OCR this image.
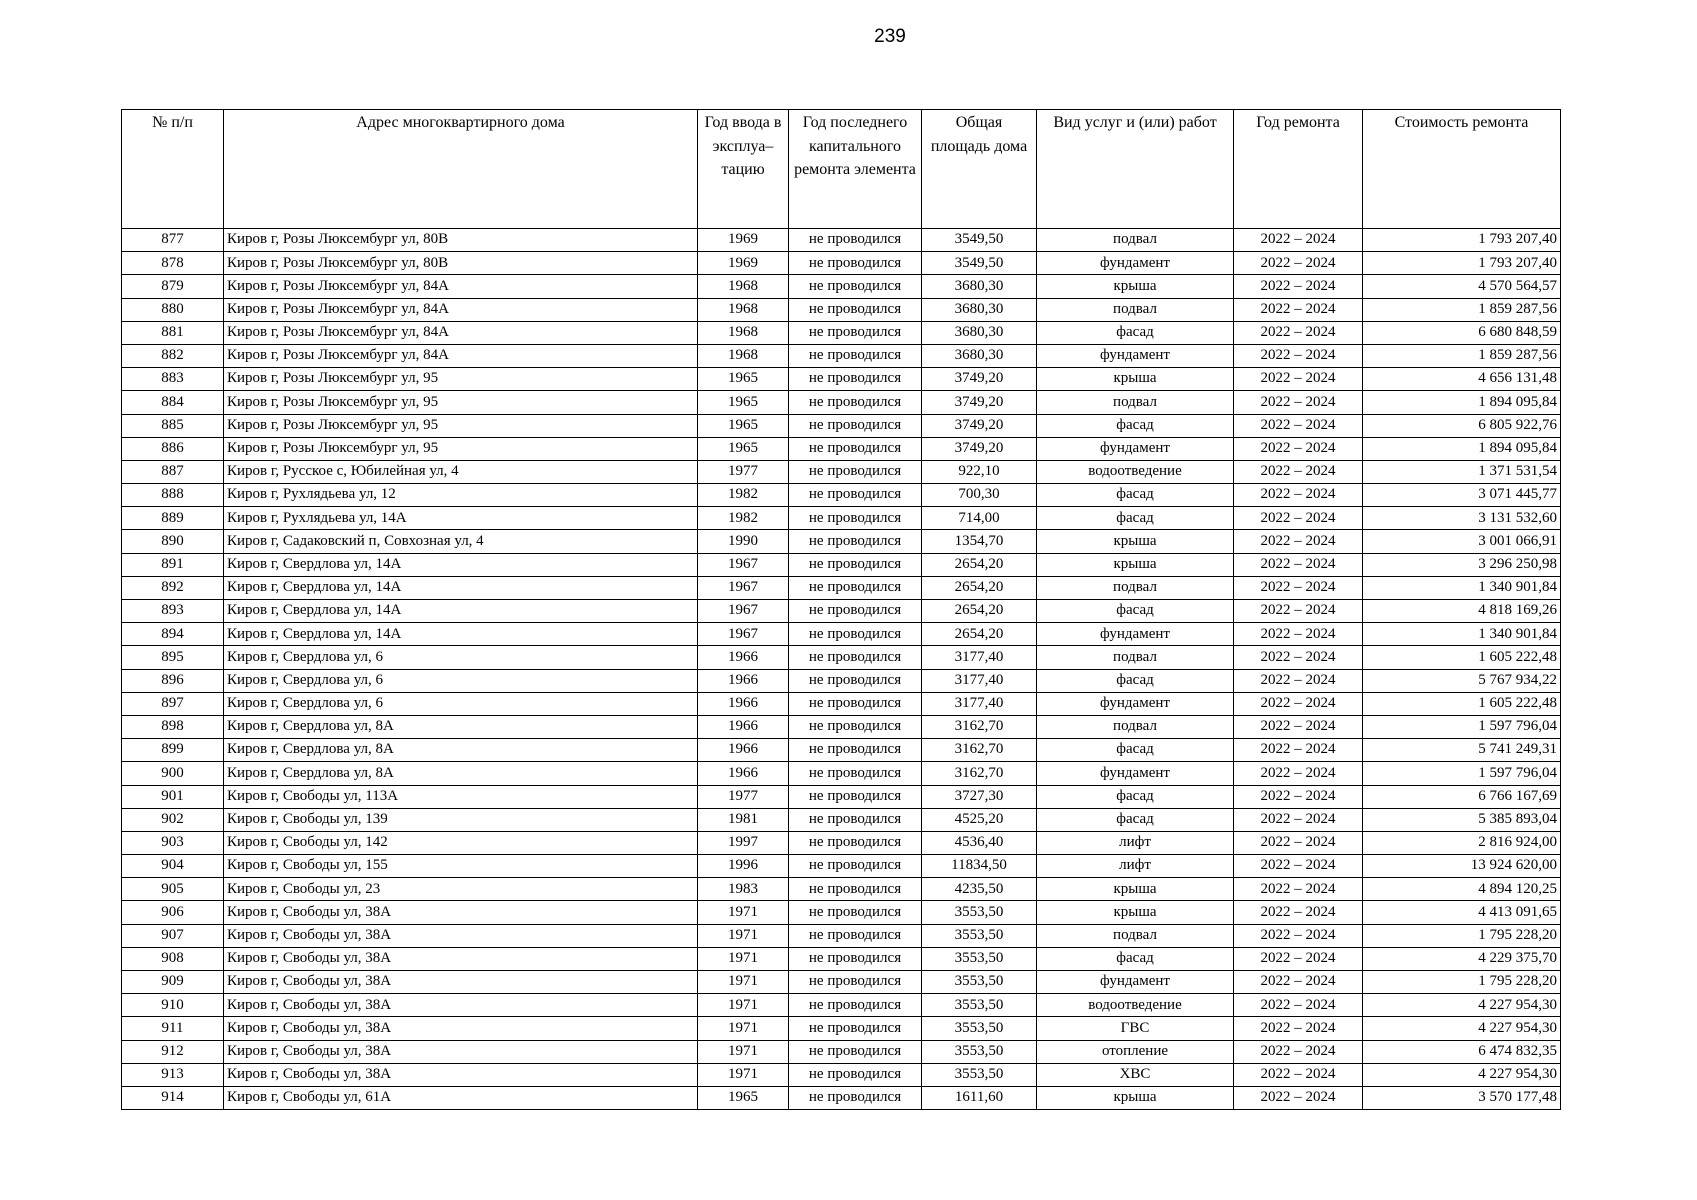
239
№ п/п	Адрес многоквартирного дома	Год ввода в эксплуа–тацию	Год последнего капитального ремонта элемента	Общая площадь дома	Вид услуг и (или) работ	Год ремонта	Стоимость ремонта
877	Киров г, Розы Люксембург ул, 80В	1969	не проводился	3549,50	подвал	2022 – 2024	1 793 207,40
878	Киров г, Розы Люксембург ул, 80В	1969	не проводился	3549,50	фундамент	2022 – 2024	1 793 207,40
879	Киров г, Розы Люксембург ул, 84А	1968	не проводился	3680,30	крыша	2022 – 2024	4 570 564,57
880	Киров г, Розы Люксембург ул, 84А	1968	не проводился	3680,30	подвал	2022 – 2024	1 859 287,56
881	Киров г, Розы Люксембург ул, 84А	1968	не проводился	3680,30	фасад	2022 – 2024	6 680 848,59
882	Киров г, Розы Люксембург ул, 84А	1968	не проводился	3680,30	фундамент	2022 – 2024	1 859 287,56
883	Киров г, Розы Люксембург ул, 95	1965	не проводился	3749,20	крыша	2022 – 2024	4 656 131,48
884	Киров г, Розы Люксембург ул, 95	1965	не проводился	3749,20	подвал	2022 – 2024	1 894 095,84
885	Киров г, Розы Люксембург ул, 95	1965	не проводился	3749,20	фасад	2022 – 2024	6 805 922,76
886	Киров г, Розы Люксембург ул, 95	1965	не проводился	3749,20	фундамент	2022 – 2024	1 894 095,84
887	Киров г, Русское с, Юбилейная ул, 4	1977	не проводился	922,10	водоотведение	2022 – 2024	1 371 531,54
888	Киров г, Рухлядьева ул, 12	1982	не проводился	700,30	фасад	2022 – 2024	3 071 445,77
889	Киров г, Рухлядьева ул, 14А	1982	не проводился	714,00	фасад	2022 – 2024	3 131 532,60
890	Киров г, Садаковский п, Совхозная ул, 4	1990	не проводился	1354,70	крыша	2022 – 2024	3 001 066,91
891	Киров г, Свердлова ул, 14А	1967	не проводился	2654,20	крыша	2022 – 2024	3 296 250,98
892	Киров г, Свердлова ул, 14А	1967	не проводился	2654,20	подвал	2022 – 2024	1 340 901,84
893	Киров г, Свердлова ул, 14А	1967	не проводился	2654,20	фасад	2022 – 2024	4 818 169,26
894	Киров г, Свердлова ул, 14А	1967	не проводился	2654,20	фундамент	2022 – 2024	1 340 901,84
895	Киров г, Свердлова ул, 6	1966	не проводился	3177,40	подвал	2022 – 2024	1 605 222,48
896	Киров г, Свердлова ул, 6	1966	не проводился	3177,40	фасад	2022 – 2024	5 767 934,22
897	Киров г, Свердлова ул, 6	1966	не проводился	3177,40	фундамент	2022 – 2024	1 605 222,48
898	Киров г, Свердлова ул, 8А	1966	не проводился	3162,70	подвал	2022 – 2024	1 597 796,04
899	Киров г, Свердлова ул, 8А	1966	не проводился	3162,70	фасад	2022 – 2024	5 741 249,31
900	Киров г, Свердлова ул, 8А	1966	не проводился	3162,70	фундамент	2022 – 2024	1 597 796,04
901	Киров г, Свободы ул, 113А	1977	не проводился	3727,30	фасад	2022 – 2024	6 766 167,69
902	Киров г, Свободы ул, 139	1981	не проводился	4525,20	фасад	2022 – 2024	5 385 893,04
903	Киров г, Свободы ул, 142	1997	не проводился	4536,40	лифт	2022 – 2024	2 816 924,00
904	Киров г, Свободы ул, 155	1996	не проводился	11834,50	лифт	2022 – 2024	13 924 620,00
905	Киров г, Свободы ул, 23	1983	не проводился	4235,50	крыша	2022 – 2024	4 894 120,25
906	Киров г, Свободы ул, 38А	1971	не проводился	3553,50	крыша	2022 – 2024	4 413 091,65
907	Киров г, Свободы ул, 38А	1971	не проводился	3553,50	подвал	2022 – 2024	1 795 228,20
908	Киров г, Свободы ул, 38А	1971	не проводился	3553,50	фасад	2022 – 2024	4 229 375,70
909	Киров г, Свободы ул, 38А	1971	не проводился	3553,50	фундамент	2022 – 2024	1 795 228,20
910	Киров г, Свободы ул, 38А	1971	не проводился	3553,50	водоотведение	2022 – 2024	4 227 954,30
911	Киров г, Свободы ул, 38А	1971	не проводился	3553,50	ГВС	2022 – 2024	4 227 954,30
912	Киров г, Свободы ул, 38А	1971	не проводился	3553,50	отопление	2022 – 2024	6 474 832,35
913	Киров г, Свободы ул, 38А	1971	не проводился	3553,50	ХВС	2022 – 2024	4 227 954,30
914	Киров г, Свободы ул, 61А	1965	не проводился	1611,60	крыша	2022 – 2024	3 570 177,48
